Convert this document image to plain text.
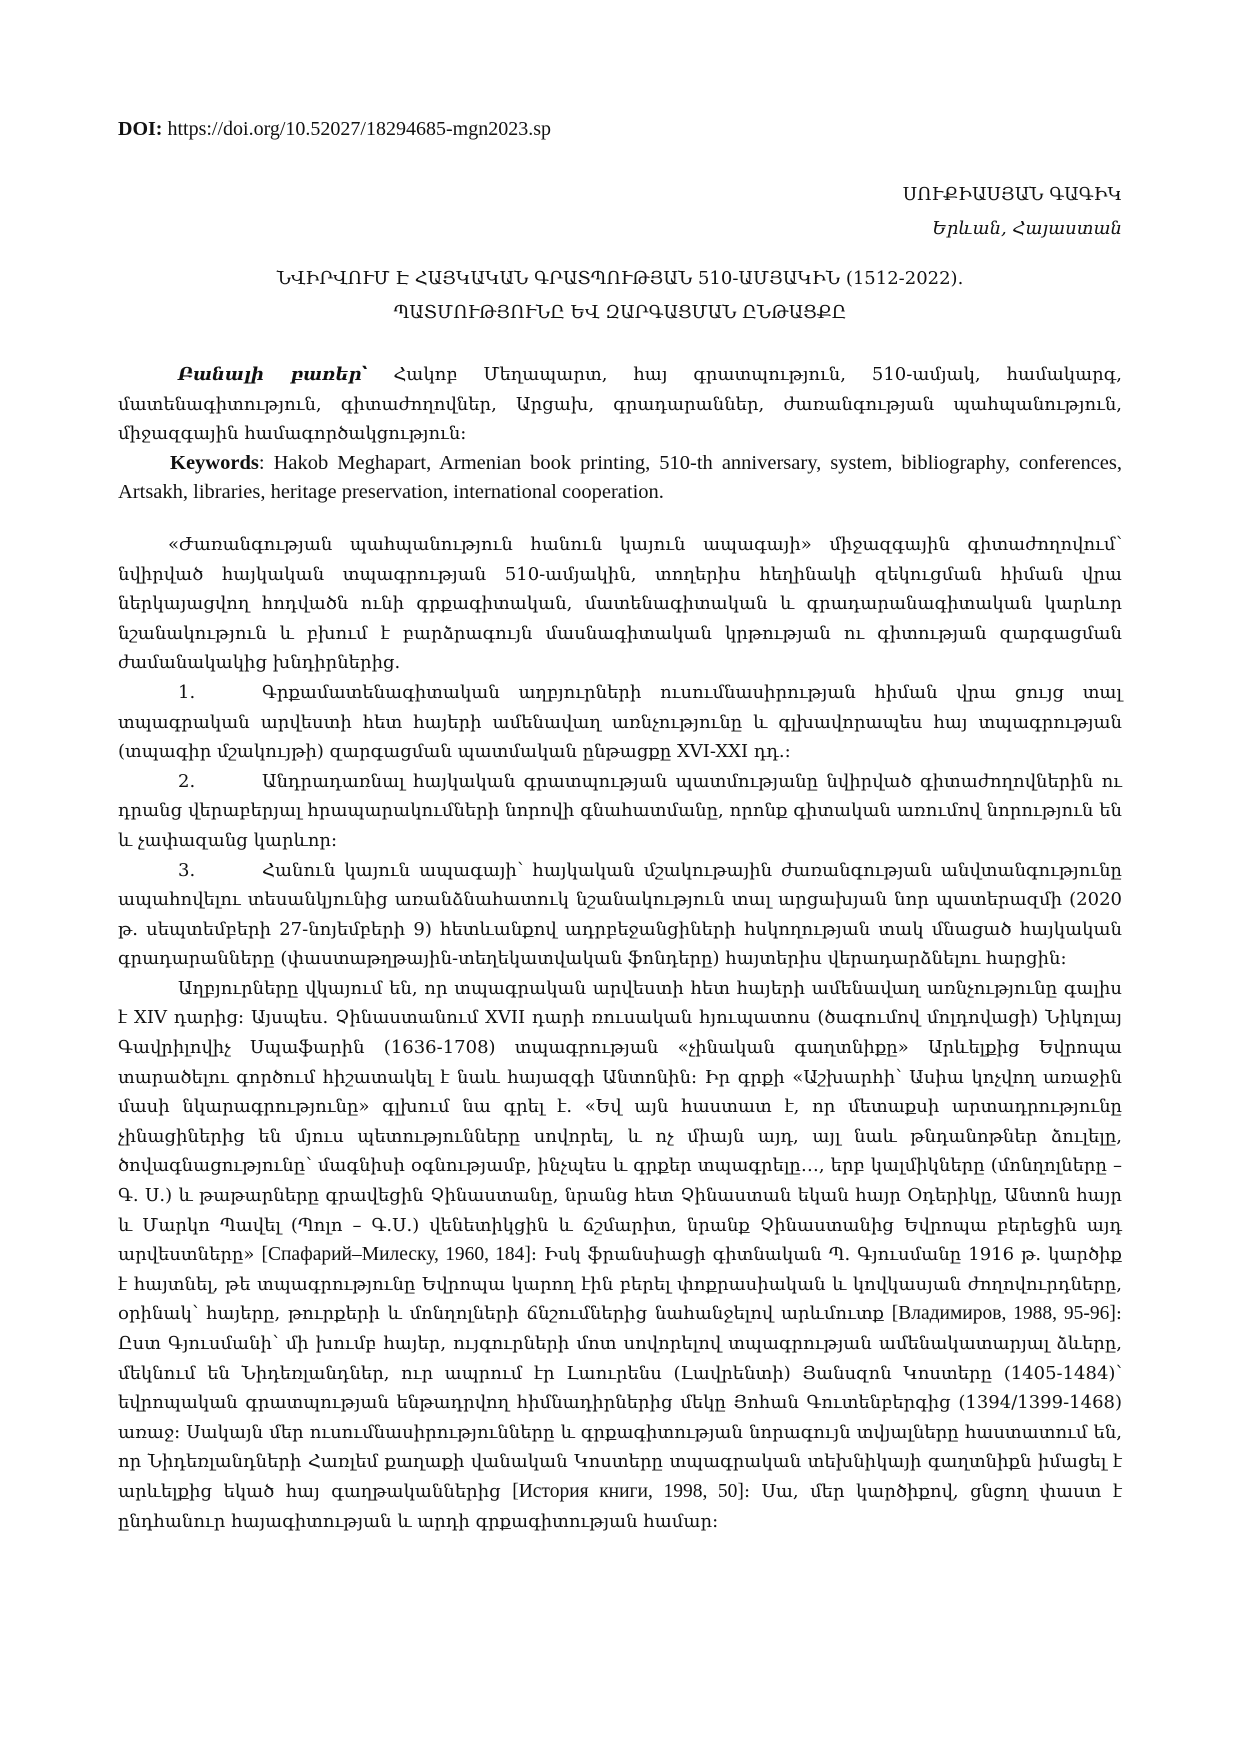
DOI: https://doi.org/10.52027/18294685-mgn2023.sp
ՍՈՒՔԻԱՍՅԱՆ ԳԱԳԻԿ
Երևան, Հայաստան

ՆՎԻՐՎՈՒՄ Է ՀԱՅԿԱԿԱՆ ԳՐԱՏՊՈՒԹՅԱՆ 510-ԱՄՅԱԿԻՆ (1512-2022).

ՊԱՏՄՈՒԹՅՈՒՆԸ ԵՎ ԶԱՐԳԱՑՄԱՆ ԸՆԹԱՑՔԸ

Բանալի բառեր՝ Հակոբ Մեղապարտ, հայ գրատպություն, 510-ամյակ, համակարգ, մատենագիտություն, գիտաժողովներ, Արցախ, գրադարաններ, ժառանգության պահպանություն, միջազգային համագործակցություն:

Keywords: Hakob Meghapart, Armenian book printing, 510-th anniversary, system, bibliography, conferences, Artsakh, libraries, heritage preservation, international cooperation.

«Ժառանգության պահպանություն հանուն կայուն ապագայի» միջազգային գիտաժողովում՝ նվիրված հայկական տպագրության 510-ամյակին, տողերիս հեղինակի զեկուցման հիման վրա ներկայացվող հոդվածն ունի գրքագիտական, մատենագիտական և գրադարանագիտական կարևոր նշանակություն և բխում է բարձրագույն մասնագիտական կրթության ու գիտության զարգացման ժամանակակից խնդիրներից.

1.	Գրքամատենագիտական աղբյուրների ուսումնասիրության հիման վրա ցույց տալ տպագրական արվեստի հետ հայերի ամենավաղ առնչությունը և գլխավորապես հայ տպագրության (տպագիր մշակույթի) զարգացման պատմական ընթացքը XVI-XXI դդ.:

2.	Անդրադառնալ հայկական գրատպության պատմությանը նվիրված գիտաժողովներին ու դրանց վերաբերյալ հրապարակումների նորովի գնահատմանը, որոնք գիտական առումով նորություն են և չափազանց կարևոր:

3.	Հանուն կայուն ապագայի՝ հայկական մշակութային ժառանգության անվտանգությունը ապահովելու տեսանկյունից առանձնահատուկ նշանակություն տալ արցախյան նոր պատերազմի (2020 թ. սեպտեմբերի 27-նոյեմբերի 9) հետևանքով ադրբեջանցիների հսկողության տակ մնացած հայկական գրադարանները (փաստաթղթային-տեղեկատվական ֆոնդերը) հայտերիս վերադարձնելու հարցին:

Աղբյուրները վկայում են, որ տպագրական արվեստի հետ հայերի ամենավաղ առնչությունը գալիս է XIV դարից: Այսպես. Չինաստանում XVII դարի ռուսական հյուպատոս (ծագումով մոլդովացի) Նիկոլայ Գավրիլովիչ Սպաֆարին (1636-1708) տպագրության «չինական գաղտնիքը» Արևելքից Եվրոպա տարածելու գործում հիշատակել է նաև հայազգի Անտոնին: Իր գրքի «Աշխարհի՝ Ասիա կոչվող առաջին մասի նկարագրությունը» գլխում նա գրել է. «Եվ այն հաստատ է, որ մետաքսի արտադրությունը չինացիներից են մյուս պետությունները սովորել, և ոչ միայն այդ, այլ նաև թնդանոթներ ձուլելը, ծովագնացությունը՝ մագնիսի օգնությամբ, ինչպես և գրքեր տպագրելը…, երբ կալմիկները (մոնղոլները – Գ. Ս.) և թաթարները գրավեցին Չինաստանը, նրանց հետ Չինաստան եկան հայր Օդերիկը, Անտոն հայր և Մարկո Պավել (Պոլո – Գ.Ս.) վենետիկցին և ճշմարիտ, նրանք Չինաստանից Եվրոպա բերեցին այդ արվեստները» [Спафарий–Милеску, 1960, 184]: Իսկ ֆրանսիացի գիտնական Պ. Գյուսմանը 1916 թ. կարծիք է հայտնել, թե տպագրությունը Եվրոպա կարող էին բերել փոքրասիական և կովկասյան ժողովուրդները, օրինակ՝ հայերը, թուրքերի և մոնղոլների ճնշումներից նահանջելով արևմուտք [Владимиров, 1988, 95-96]: Ըստ Գյուսմանի՝ մի խումբ հայեր, ույգուրների մոտ սովորելով տպագրության ամենակատարյալ ձևերը, մեկնում են Նիդեռլանդներ, ուր ապրում էր Լաուրենս (Լավրենտի) Յանսզոն Կոստերը (1405-1484)՝ եվրոպական գրատպության ենթադրվող հիմնադիրներից մեկը Յոհան Գուտենբերգից (1394/1399-1468) առաջ: Սակայն մեր ուսումնասիրությունները և գրքագիտության նորագույն տվյալները հաստատում են, որ Նիդեռլանդների Հառլեմ քաղաքի վանական Կոստերը տպագրական տեխնիկայի գաղտնիքն իմացել է արևելքից եկած հայ գաղթականներից [История книги, 1998, 50]: Սա, մեր կարծիքով, ցնցող փաստ է ընդհանուր հայագիտության և արդի գրքագիտության համար:
